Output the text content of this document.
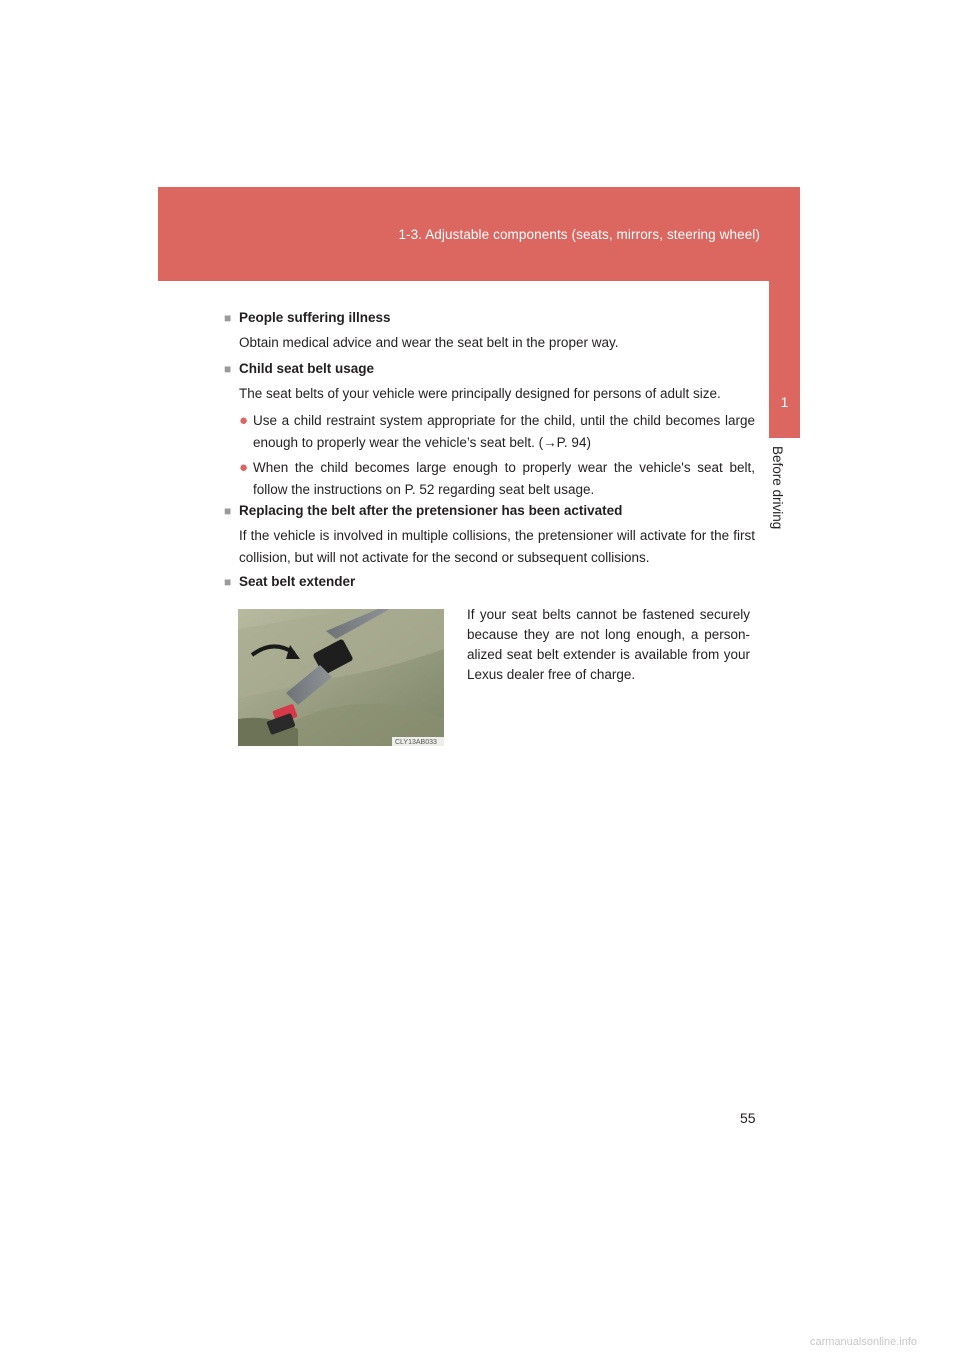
1-3. Adjustable components (seats, mirrors, steering wheel)
1
Before driving
■ People suffering illness
Obtain medical advice and wear the seat belt in the proper way.
■ Child seat belt usage
The seat belts of your vehicle were principally designed for persons of adult size.
● Use a child restraint system appropriate for the child, until the child becomes large enough to properly wear the vehicle’s seat belt. (→P. 94)
● When the child becomes large enough to properly wear the vehicle's seat belt, follow the instructions on P. 52 regarding seat belt usage.
■ Replacing the belt after the pretensioner has been activated
If the vehicle is involved in multiple collisions, the pretensioner will activate for the first collision, but will not activate for the second or subsequent collisions.
■ Seat belt extender
CLY13AB033
If your seat belts cannot be fastened securely because they are not long enough, a person-alized seat belt extender is available from your Lexus dealer free of charge.
55
carmanualsonline.info
